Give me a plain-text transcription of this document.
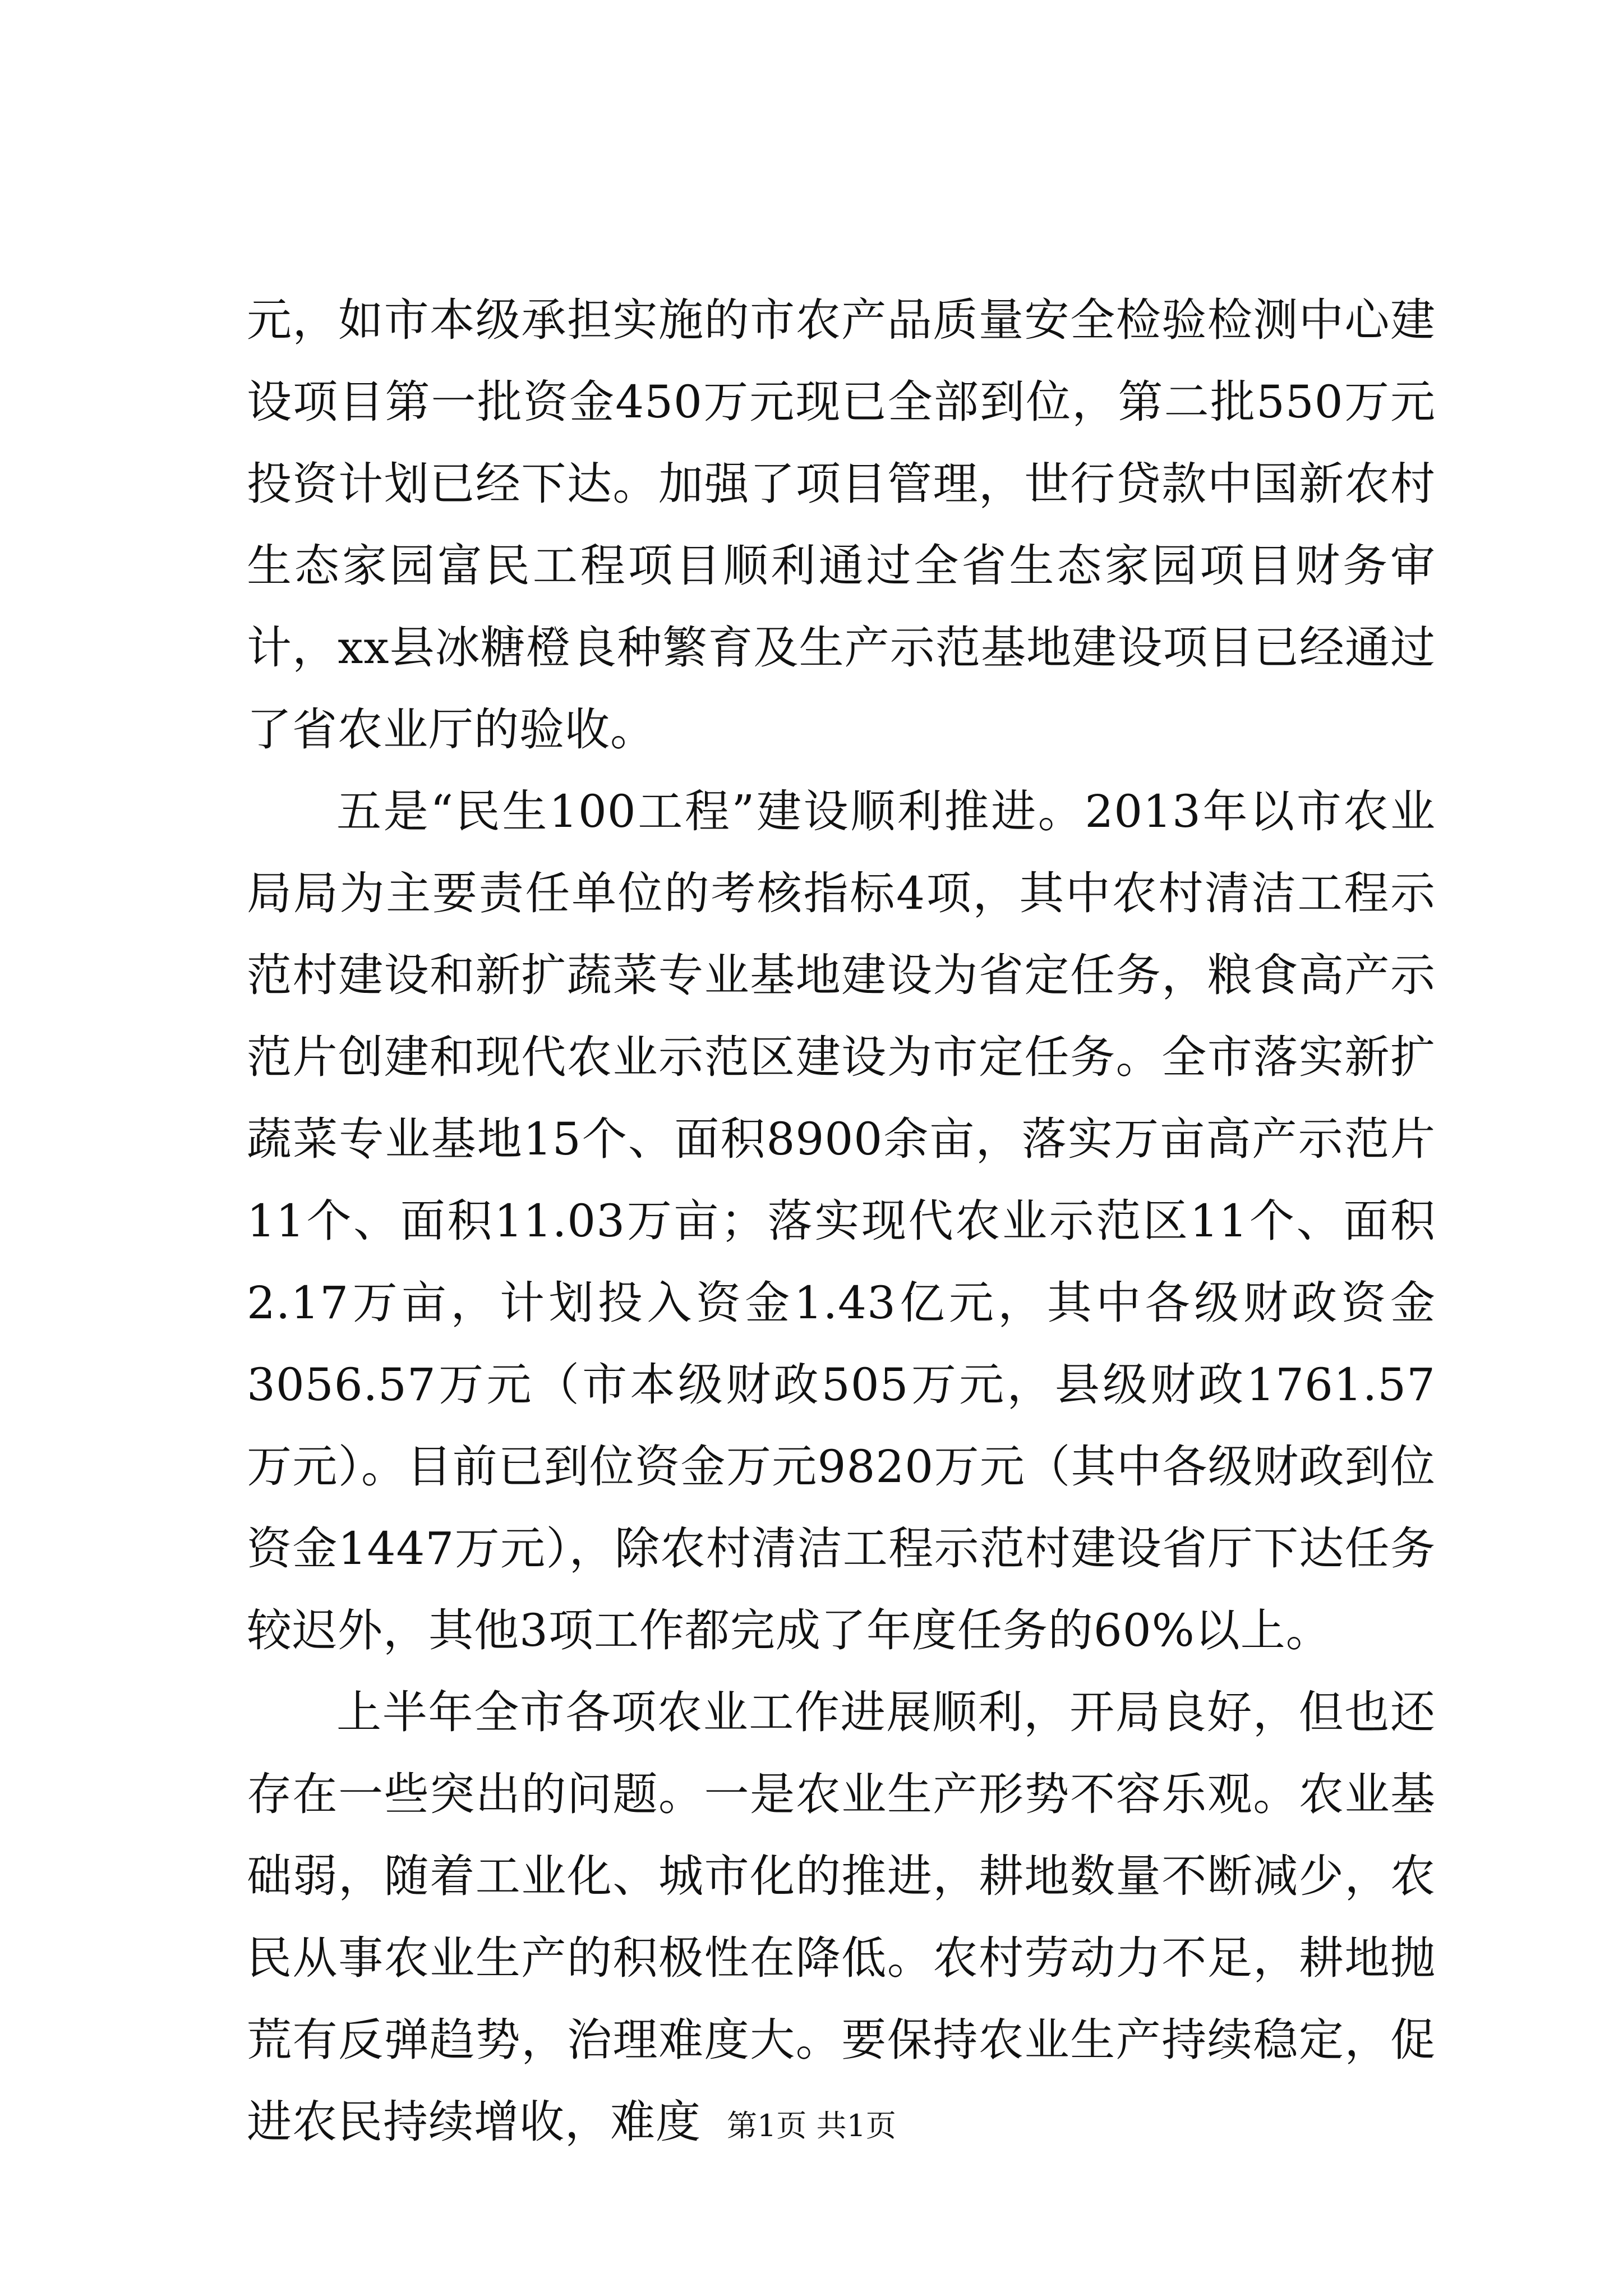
元，如市本级承担实施的市农产品质量安全检验检测中心建设项目第一批资金450万元现已全部到位，第二批550万元投资计划已经下达。加强了项目管理，世行贷款中国新农村生态家园富民工程项目顺利通过全省生态家园项目财务审计，xx县冰糖橙良种繁育及生产示范基地建设项目已经通过了省农业厅的验收。

五是“民生100工程”建设顺利推进。2013年以市农业局局为主要责任单位的考核指标4项，其中农村清洁工程示范村建设和新扩蔬菜专业基地建设为省定任务，粮食高产示范片创建和现代农业示范区建设为市定任务。全市落实新扩蔬菜专业基地15个、面积8900余亩，落实万亩高产示范片11个、面积11.03万亩；落实现代农业示范区11个、面积2.17万亩，计划投入资金1.43亿元，其中各级财政资金3056.57万元（市本级财政505万元，县级财政1761.57万元）。目前已到位资金万元9820万元（其中各级财政到位资金1447万元），除农村清洁工程示范村建设省厅下达任务较迟外，其他3项工作都完成了年度任务的60%以上。

上半年全市各项农业工作进展顺利，开局良好，但也还存在一些突出的问题。一是农业生产形势不容乐观。农业基础弱，随着工业化、城市化的推进，耕地数量不断减少，农民从事农业生产的积极性在降低。农村劳动力不足，耕地抛荒有反弹趋势，治理难度大。要保持农业生产持续稳定，促进农民持续增收，难度 第1页 共1页
